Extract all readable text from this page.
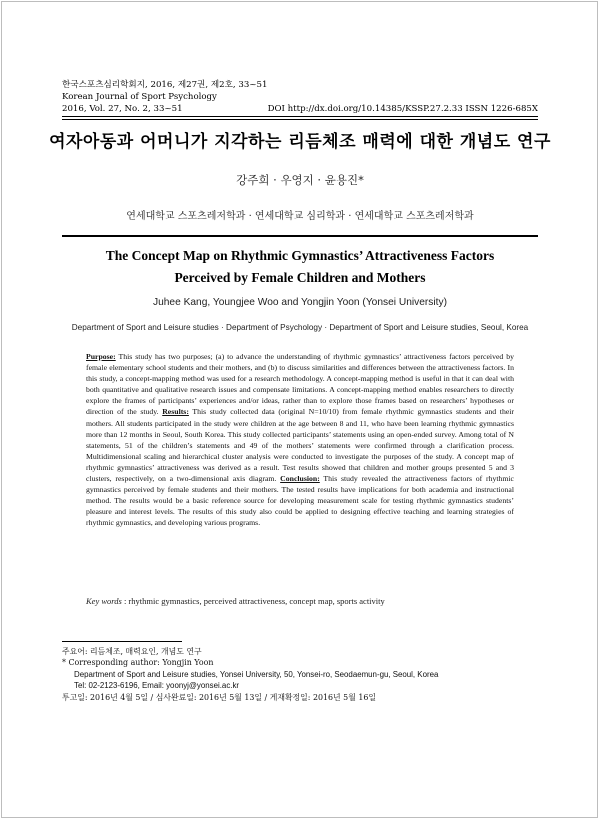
한국스포츠심리학회지, 2016, 제27권, 제2호, 33~51
Korean Journal of Sport Psychology
2016, Vol. 27, No. 2, 33~51	DOI http://dx.doi.org/10.14385/KSSP.27.2.33 ISSN 1226-685X
여자아동과 어머니가 지각하는 리듬체조 매력에 대한 개념도 연구
강주희 · 우영지 · 윤용진*
연세대학교 스포츠레저학과 · 연세대학교 심리학과 · 연세대학교 스포츠레저학과
The Concept Map on Rhythmic Gymnastics’ Attractiveness Factors
Perceived by Female Children and Mothers
Juhee Kang, Youngjee Woo and Yongjin Yoon (Yonsei University)
Department of Sport and Leisure studies · Department of Psychology · Department of Sport and Leisure studies, Seoul, Korea
Purpose: This study has two purposes; (a) to advance the understanding of rhythmic gymnastics’ attractiveness factors perceived by female elementary school students and their mothers, and (b) to discuss similarities and differences between the attractiveness factors. In this study, a concept-mapping method was used for a research methodology. A concept-mapping method is useful in that it can deal with both quantitative and qualitative research issues and compensate limitations. A concept-mapping method enables researchers to directly explore the frames of participants’ experiences and/or ideas, rather than to explore those frames based on researchers’ hypotheses or direction of the study. Results: This study collected data (original N=10/10) from female rhythmic gymnastics students and their mothers. All students participated in the study were children at the age between 8 and 11, who have been learning rhythmic gymnastics more than 12 months in Seoul, South Korea. This study collected participants’ statements using an open-ended survey. Among total of N statements, 51 of the children’s statements and 49 of the mothers’ statements were confirmed through a clarification process. Multidimensional scaling and hierarchical cluster analysis were conducted to investigate the purposes of the study. A concept map of rhythmic gymnastics’ attractiveness was derived as a result. Test results showed that children and mother groups presented 5 and 3 clusters, respectively, on a two-dimensional axis diagram. Conclusion: This study revealed the attractiveness factors of rhythmic gymnastics perceived by female students and their mothers. The tested results have implications for both academia and instructional method. The results would be a basic reference source for developing measurement scale for testing rhythmic gymnastics students’ pleasure and interest levels. The results of this study also could be applied to designing effective teaching and learning strategies of rhythmic gymnastics, and developing various programs.
Key words : rhythmic gymnastics, perceived attractiveness, concept map, sports activity
주요어: 리듬체조, 매력요인, 개념도 연구
* Corresponding author: Yongjin Yoon
Department of Sport and Leisure studies, Yonsei University, 50, Yonsei-ro, Seodaemun-gu, Seoul, Korea
Tel: 02-2123-6196, Email: yoonyj@yonsei.ac.kr
투고일: 2016년 4월 5일 / 심사완료일: 2016년 5월 13일 / 게재확정일: 2016년 5월 16일
